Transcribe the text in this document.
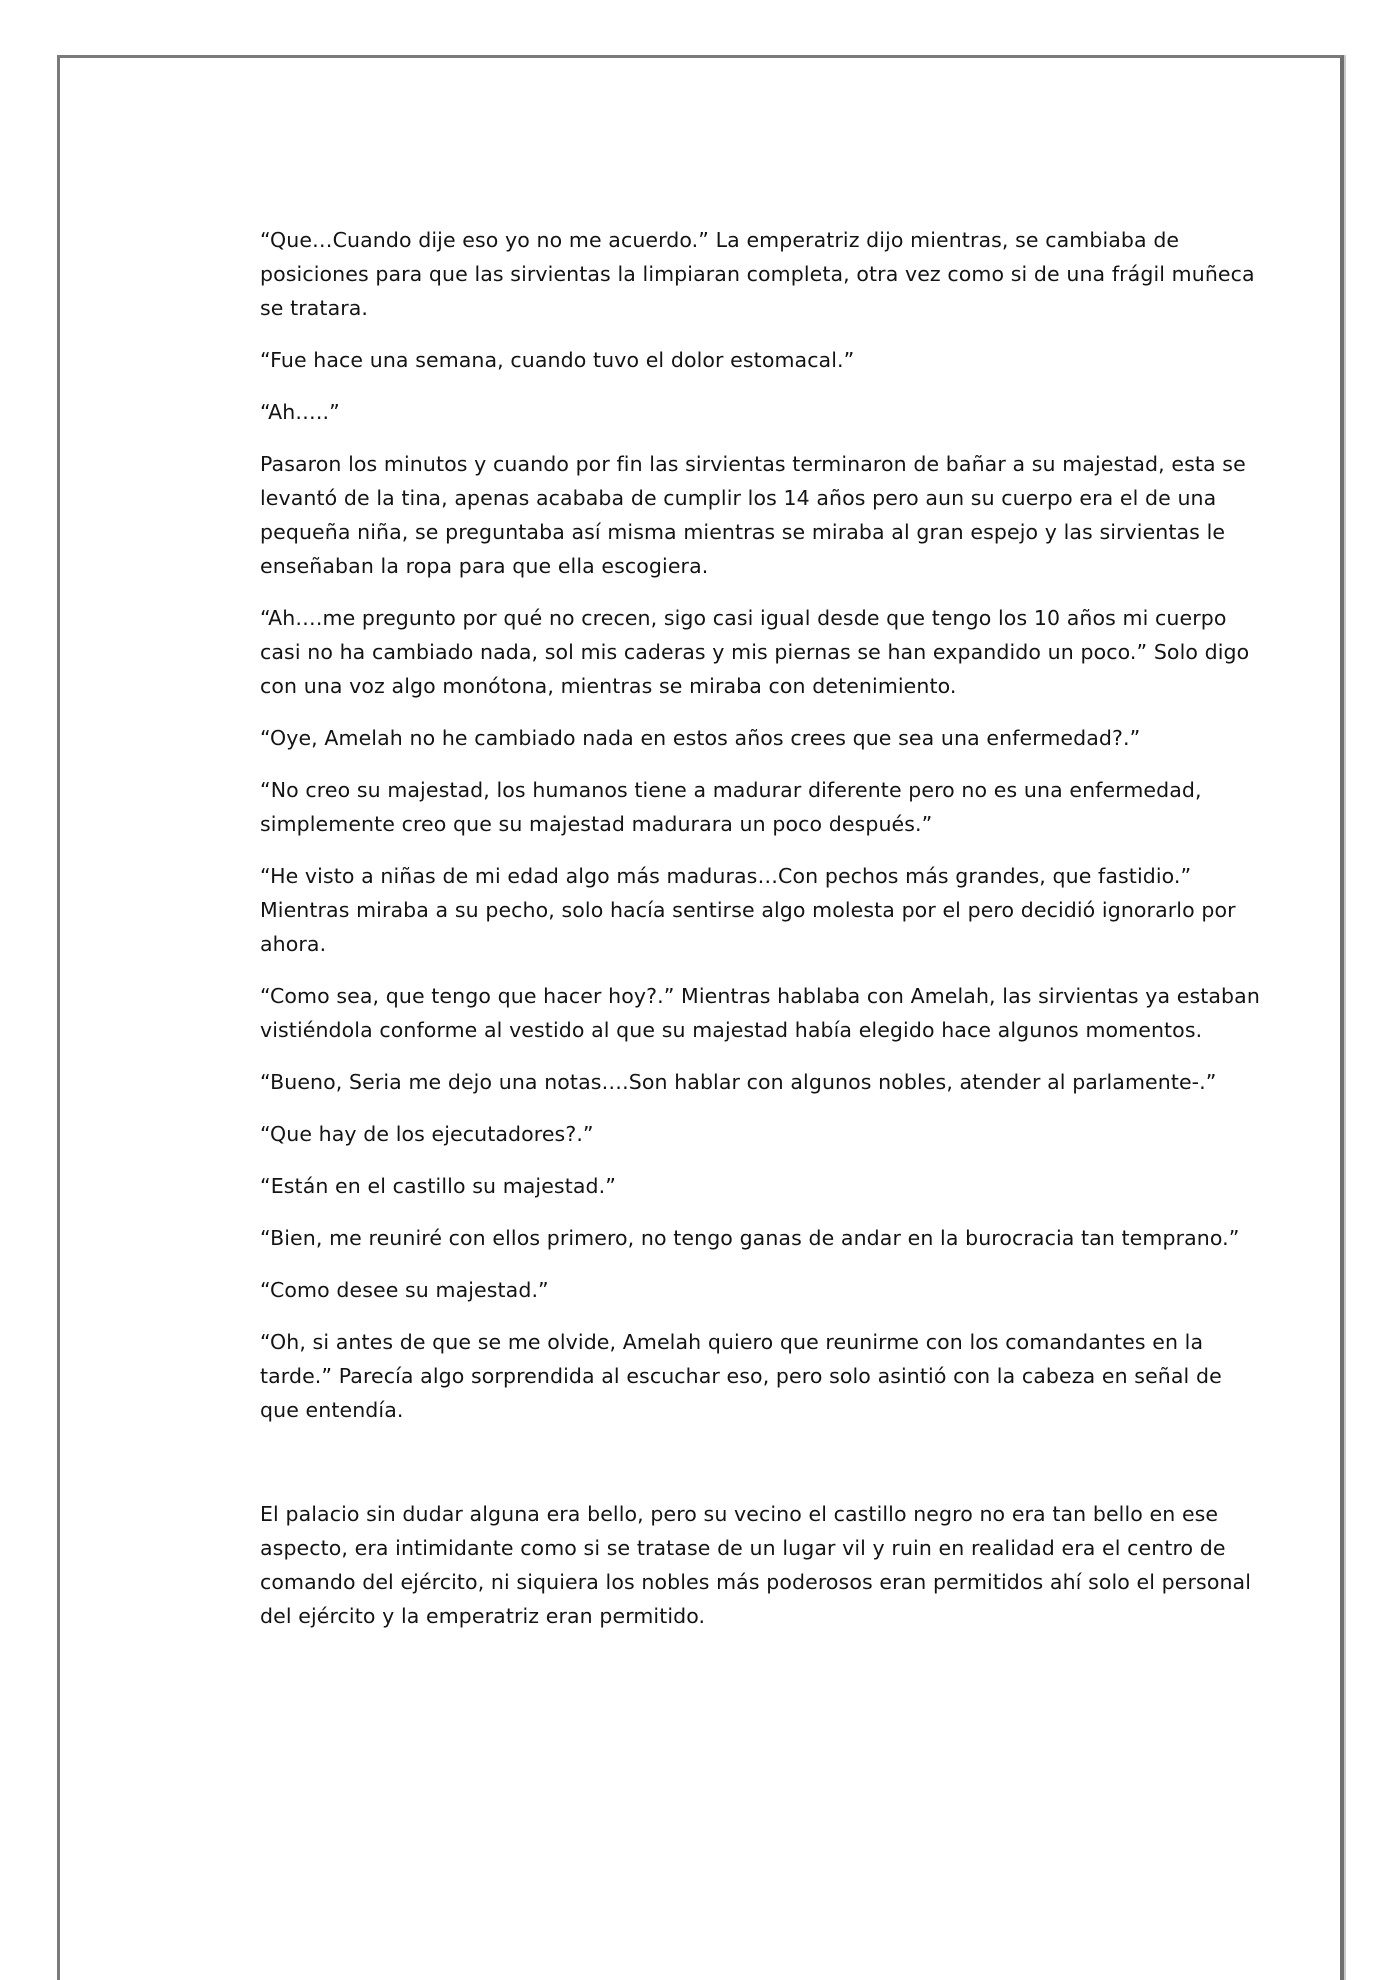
“Que…Cuando dije eso yo no me acuerdo.” La emperatriz dijo mientras, se cambiaba de posiciones para que las sirvientas la limpiaran completa, otra vez como si de una frágil muñeca se tratara.

“Fue hace una semana, cuando tuvo el dolor estomacal.”

“Ah…..”

Pasaron los minutos y cuando por fin las sirvientas terminaron de bañar a su majestad, esta se levantó de la tina, apenas acababa de cumplir los 14 años pero aun su cuerpo era el de una pequeña niña, se preguntaba así misma mientras se miraba al gran espejo y las sirvientas le enseñaban la ropa para que ella escogiera.

“Ah….me pregunto por qué no crecen, sigo casi igual desde que tengo los 10 años mi cuerpo casi no ha cambiado nada, sol mis caderas y mis piernas se han expandido un poco.” Solo digo con una voz algo monótona, mientras se miraba con detenimiento.

“Oye, Amelah no he cambiado nada en estos años crees que sea una enfermedad?.”

“No creo su majestad, los humanos tiene a madurar diferente pero no es una enfermedad, simplemente creo que su majestad madurara un poco después.”

“He visto a niñas de mi edad algo más maduras…Con pechos más grandes, que fastidio.” Mientras miraba a su pecho, solo hacía sentirse algo molesta por el pero decidió ignorarlo por ahora.

“Como sea, que tengo que hacer hoy?.” Mientras hablaba con Amelah, las sirvientas ya estaban vistiéndola conforme al vestido al que su majestad había elegido hace algunos momentos.

“Bueno, Seria me dejo una notas….Son hablar con algunos nobles, atender al parlamente-.”

“Que hay de los ejecutadores?.”

“Están en el castillo su majestad.”

“Bien, me reuniré con ellos primero, no tengo ganas de andar en la burocracia tan temprano.”

“Como desee su majestad.”

“Oh, si antes de que se me olvide, Amelah quiero que reunirme con los comandantes en la tarde.” Parecía algo sorprendida al escuchar eso, pero solo asintió con la cabeza en señal de que entendía.

El palacio sin dudar alguna era bello, pero su vecino el castillo negro no era tan bello en ese aspecto, era intimidante como si se tratase de un lugar vil y ruin en realidad era el centro de comando del ejército, ni siquiera los nobles más poderosos eran permitidos ahí solo el personal del ejército y la emperatriz eran permitido.
